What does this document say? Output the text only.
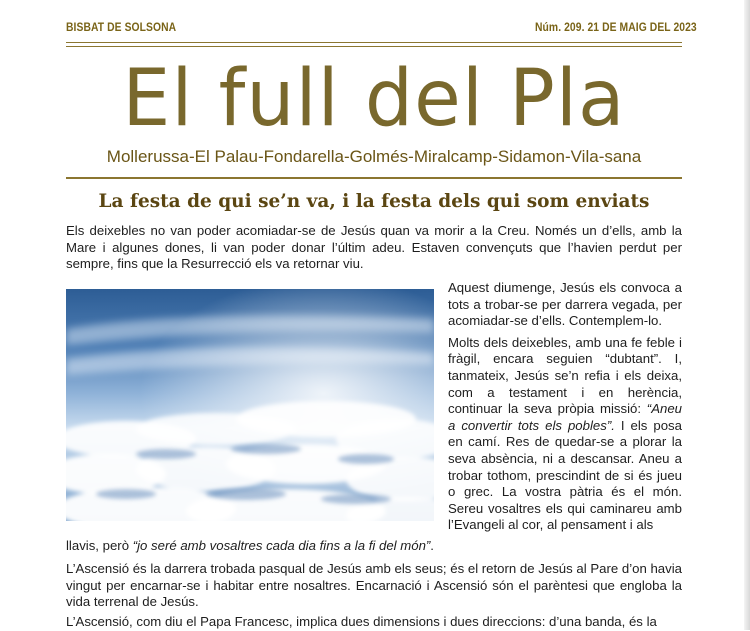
BISBAT DE SOLSONA	Núm. 209. 21 DE MAIG DEL 2023
El full del Pla
Mollerussa-El Palau-Fondarella-Golmés-Miralcamp-Sidamon-Vila-sana
La festa de qui se’n va, i la festa dels qui som enviats
Els deixebles no van poder acomiadar-se de Jesús quan va morir a la Creu. Només un d’ells, amb la Mare i algunes dones, li van poder donar l’últim adeu. Estaven convençuts que l’havien perdut per sempre, fins que la Resurrecció els va retornar viu.

Aquest diumenge, Jesús els convoca a tots a trobar-se per darrera vegada, per acomiadar-se d’ells. Contemplem-lo.

Molts dels deixebles, amb una fe feble i fràgil, encara seguien “dubtant”. I, tanmateix, Jesús se’n refia i els deixa, com a testament i en herència, continuar la seva pròpia missió: “Aneu a convertir tots els pobles”. I els posa en camí. Res de quedar-se a plorar la seva absència, ni a descansar. Aneu a trobar tothom, prescindint de si és jueu o grec. La vostra pàtria és el món. Sereu vosaltres els qui caminareu amb l’Evangeli al cor, al pensament i als

llavis, però “jo seré amb vosaltres cada dia fins a la fi del món”.
L’Ascensió és la darrera trobada pasqual de Jesús amb els seus; és el retorn de Jesús al Pare d’on havia vingut per encarnar-se i habitar entre nosaltres. Encarnació i Ascensió són el parèntesi que engloba la vida terrenal de Jesús.
L’Ascensió, com diu el Papa Francesc, implica dues dimensions i dues direccions: d’una banda, és la
